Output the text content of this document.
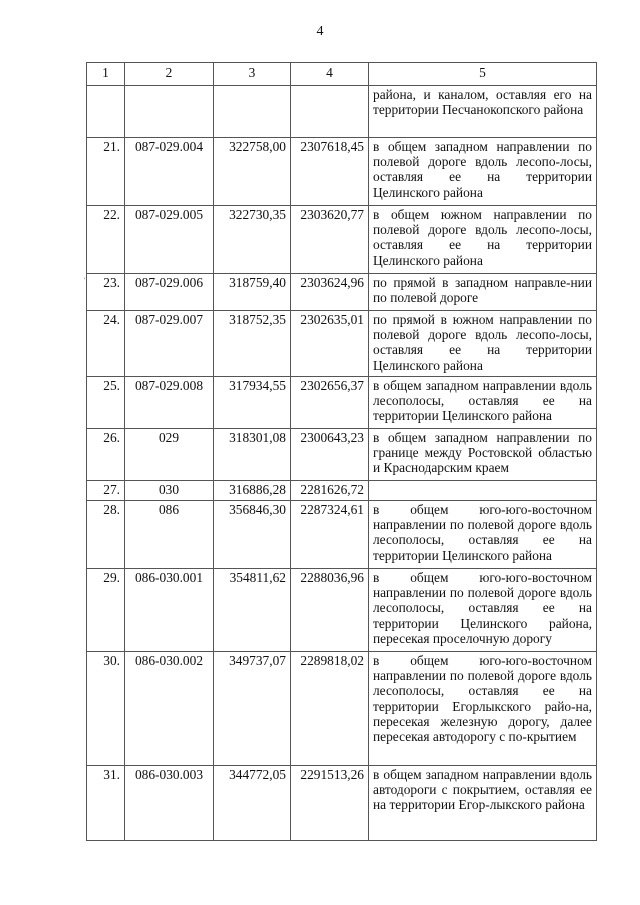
4
'
1	2	3	4	5
				района, и каналом, оставляя его на территории Песчанокопского района
21.	087-029.004	322758,00	2307618,45	в общем западном направлении по полевой дороге вдоль лесопо-лосы, оставляя ее на территории Целинского района
22.	087-029.005	322730,35	2303620,77	в общем южном направлении по полевой дороге вдоль лесопо-лосы, оставляя ее на территории Целинского района
23.	087-029.006	318759,40	2303624,96	по прямой в западном направле-нии по полевой дороге
24.	087-029.007	318752,35	2302635,01	по прямой в южном направлении по полевой дороге вдоль лесопо-лосы, оставляя ее на территории Целинского района
25.	087-029.008	317934,55	2302656,37	в общем западном направлении вдоль лесополосы, оставляя ее на территории Целинского района
26.	029	318301,08	2300643,23	в общем западном направлении по границе между Ростовской областью и Краснодарским краем
27.	030	316886,28	2281626,72	
28.	086	356846,30	2287324,61	в общем юго-юго-восточном направлении по полевой дороге вдоль лесополосы, оставляя ее на территории Целинского района
29.	086-030.001	354811,62	2288036,96	в общем юго-юго-восточном направлении по полевой дороге вдоль лесополосы, оставляя ее на территории Целинского района, пересекая проселочную дорогу
30.	086-030.002	349737,07	2289818,02	в общем юго-юго-восточном направлении по полевой дороге вдоль лесополосы, оставляя ее на территории Егорлыкского райо-на, пересекая железную дорогу, далее пересекая автодорогу с по-крытием
31.	086-030.003	344772,05	2291513,26	в общем западном направлении вдоль автодороги с покрытием, оставляя ее на территории Егор-лыкского района
